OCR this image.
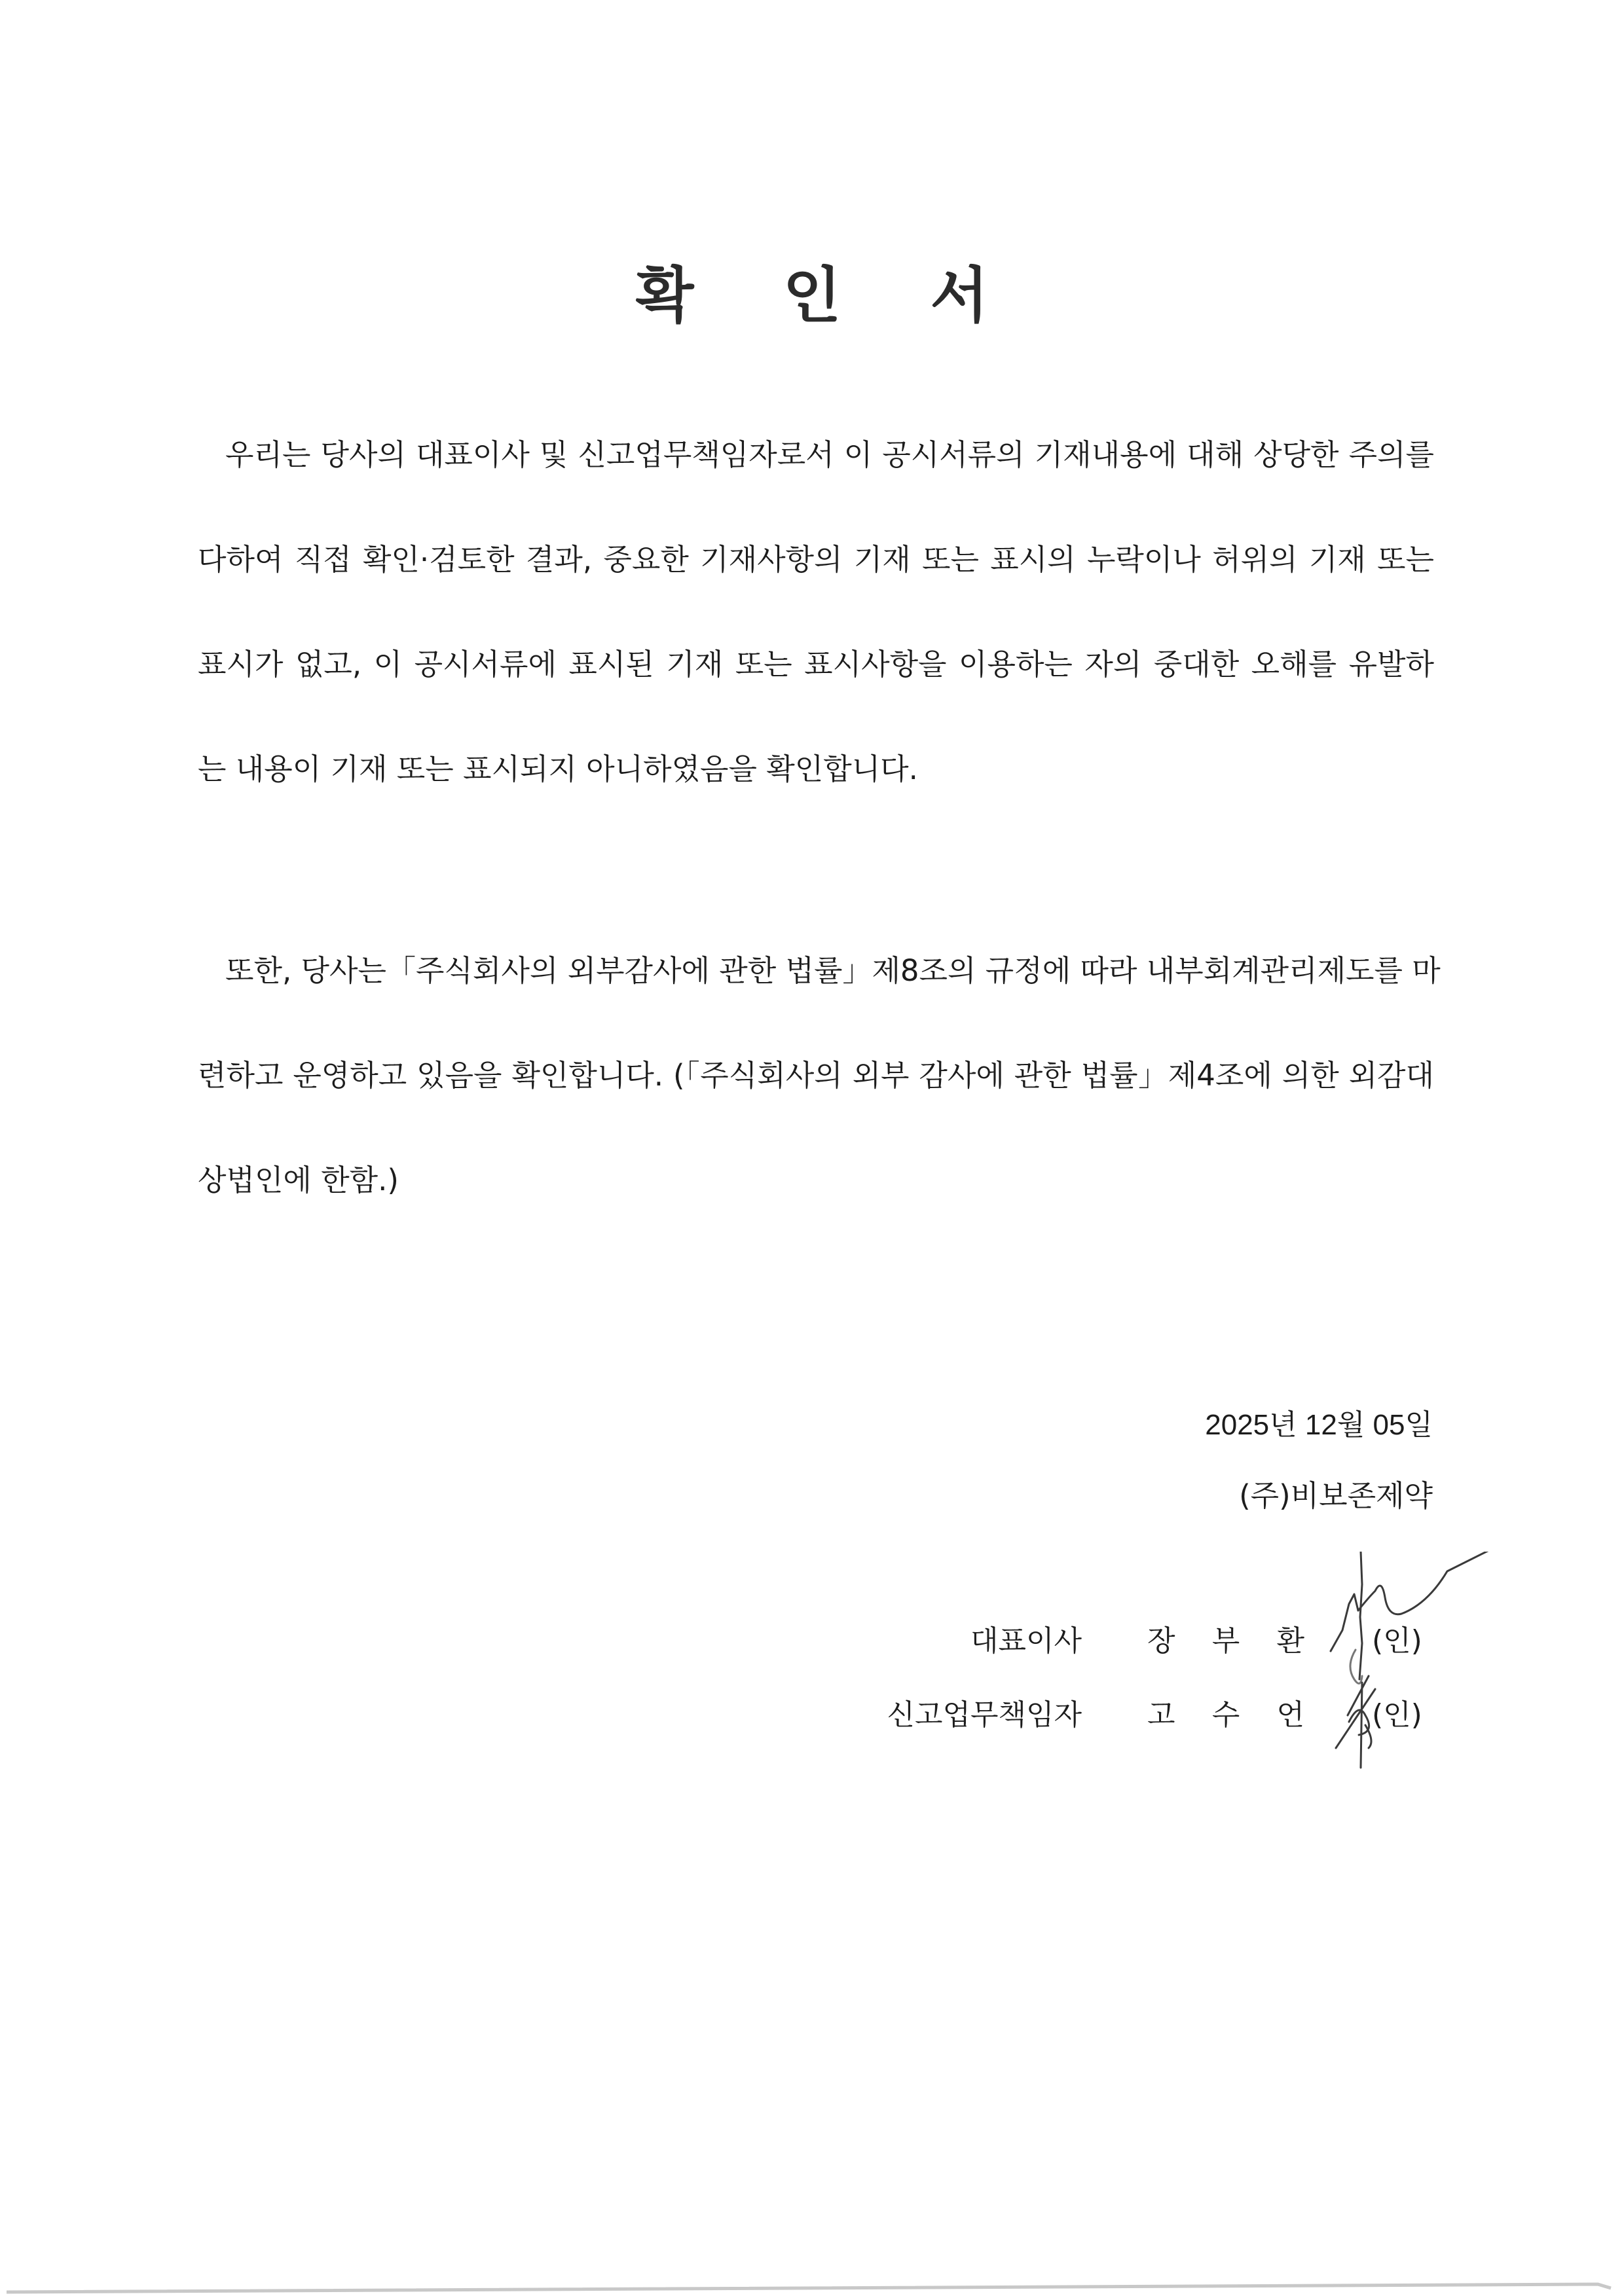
확 인 서
우리는 당사의 대표이사 및 신고업무책임자로서 이 공시서류의 기재내용에 대해 상당한 주의를
다하여 직접 확인·검토한 결과, 중요한 기재사항의 기재 또는 표시의 누락이나 허위의 기재 또는
표시가 없고, 이 공시서류에 표시된 기재 또는 표시사항을 이용하는 자의 중대한 오해를 유발하
는 내용이 기재 또는 표시되지 아니하였음을 확인합니다.
또한, 당사는「주식회사의 외부감사에 관한 법률」제8조의 규정에 따라 내부회계관리제도를 마
련하고 운영하고 있음을 확인합니다. (「주식회사의 외부 감사에 관한 법률」제4조에 의한 외감대
상법인에 한함.)
2025년 12월 05일
(주)비보존제약
대표이사 장 부 환 (인)
신고업무책임자 고 수 언 (인)
